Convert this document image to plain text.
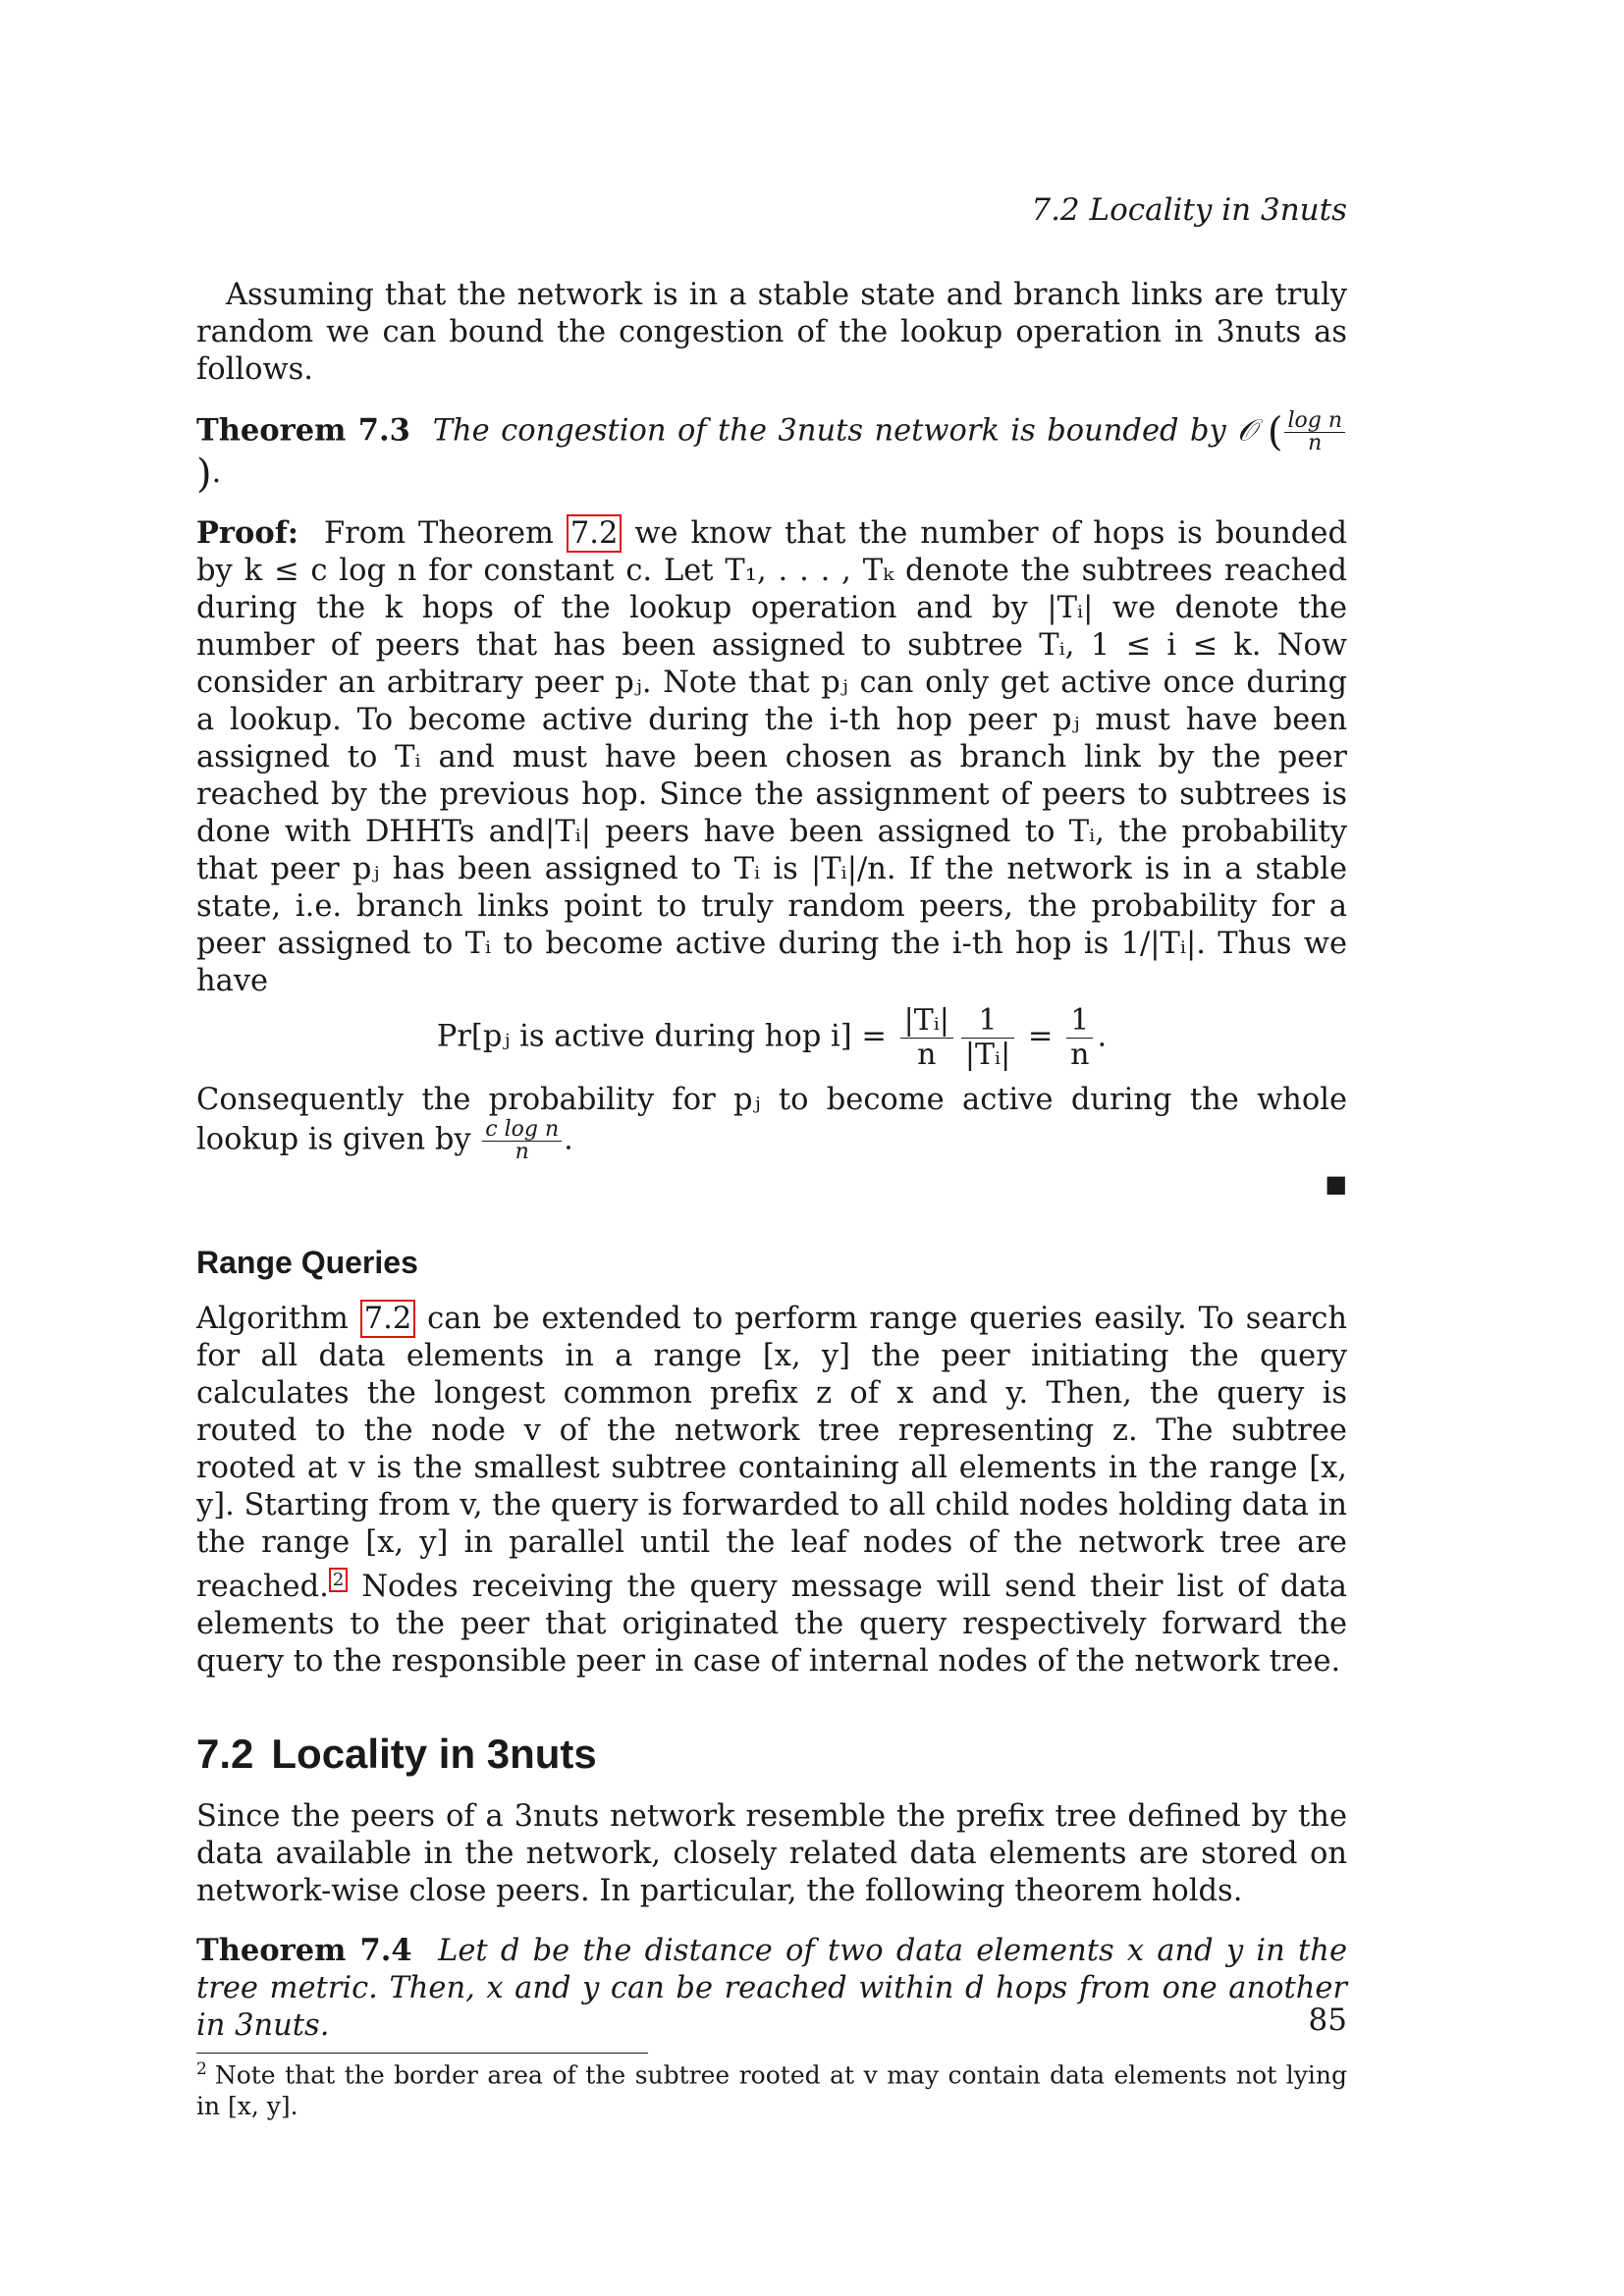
7.2 Locality in 3nuts

Assuming that the network is in a stable state and branch links are truly random we can bound the congestion of the lookup operation in 3nuts as follows.

Theorem 7.3 The congestion of the 3nuts network is bounded by 𝒪 ( $\frac{\text{log n}}{n}$
).

Proof: From Theorem 7.2 we know that the number of hops is bounded by k ≤ c log n for constant c. Let T₁, . . . , Tₖ denote the subtrees reached during the k hops of the lookup operation and by |Tᵢ| we denote the number of peers that has been assigned to subtree Tᵢ, 1 ≤ i ≤ k. Now consider an arbitrary peer pⱼ. Note that pⱼ can only get active once during a lookup. To become active during the i-th hop peer pⱼ must have been assigned to Tᵢ and must have been chosen as branch link by the peer reached by the previous hop. Since the assignment of peers to subtrees is done with DHHTs and|Tᵢ| peers have been assigned to Tᵢ, the probability that peer pⱼ has been assigned to Tᵢ is |Tᵢ|/n. If the network is in a stable state, i.e. branch links point to truly random peers, the probability for a peer assigned to Tᵢ to become active during the i-th hop is 1/|Tᵢ|. Thus we have

Pr[pⱼ is active during hop $i] = \frac{\text{|Tᵢ|}}{n} \frac{1}{\text{|Tᵢ|}} = \frac{1}{n}$ .

Consequently the probability for pⱼ to become active during the whole lookup is given by $\frac{\text{c log n}}{n}$ .

■

Range Queries

Algorithm 7.2 can be extended to perform range queries easily. To search for all data elements in a range [x, y] the peer initiating the query calculates the longest common prefix z of x and y. Then, the query is routed to the node v of the network tree representing z. The subtree rooted at v is the smallest subtree containing all elements in the range [x, y]. Starting from v, the query is forwarded to all child nodes holding data in the range [x, y] in parallel until the leaf nodes of the network tree are reached. $^2$ Nodes receiving the query message will send their list of data elements to the peer that originated the query respectively forward the query to the responsible peer in case of internal nodes of the network tree.

7.2 Locality in 3nuts

Since the peers of a 3nuts network resemble the prefix tree defined by the data available in the network, closely related data elements are stored on network-wise close peers. In particular, the following theorem holds.

Theorem 7.4 Let d be the distance of two data elements x and y in the tree metric. Then, x and y can be reached within d hops from one another in 3nuts.

$^2$ Note that the border area of the subtree rooted at v may contain data elements not lying in [x, y].

85
